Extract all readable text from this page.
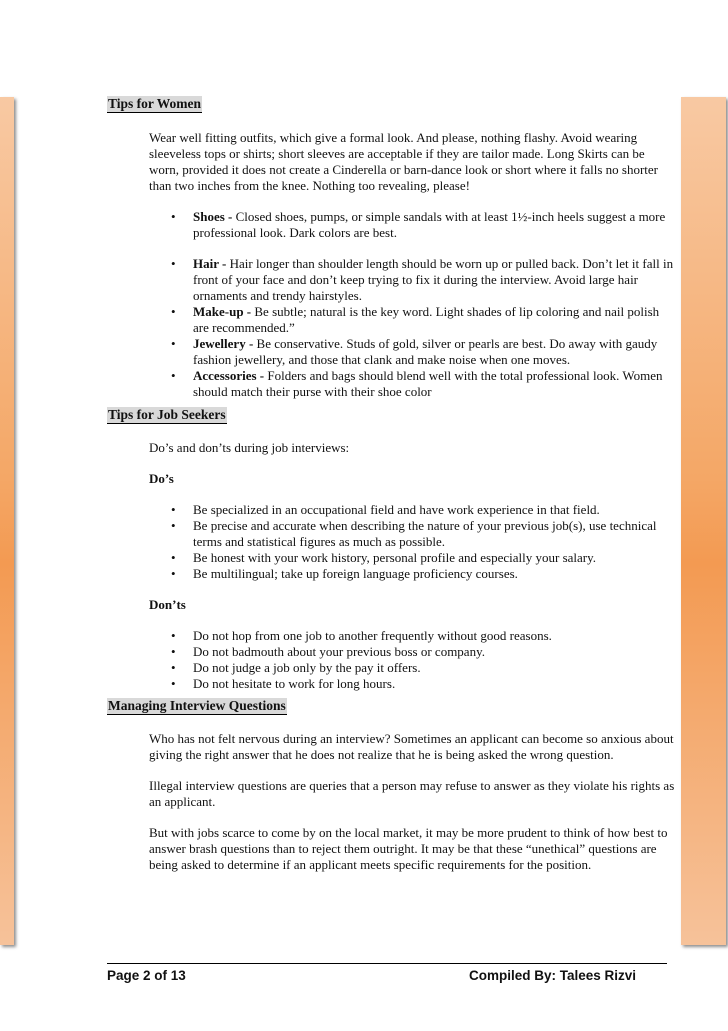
Tips for Women
Wear well fitting outfits, which give a formal look. And please, nothing flashy. Avoid wearing sleeveless tops or shirts; short sleeves are acceptable if they are tailor made. Long Skirts can be worn, provided it does not create a Cinderella or barn-dance look or short where it falls no shorter than two inches from the knee. Nothing too revealing, please!
• Shoes - Closed shoes, pumps, or simple sandals with at least 1½-inch heels suggest a more professional look. Dark colors are best.
• Hair - Hair longer than shoulder length should be worn up or pulled back. Don’t let it fall in front of your face and don’t keep trying to fix it during the interview. Avoid large hair ornaments and trendy hairstyles.
• Make-up - Be subtle; natural is the key word. Light shades of lip coloring and nail polish are recommended.”
• Jewellery - Be conservative. Studs of gold, silver or pearls are best. Do away with gaudy fashion jewellery, and those that clank and make noise when one moves.
• Accessories - Folders and bags should blend well with the total professional look. Women should match their purse with their shoe color
Tips for Job Seekers
Do’s and don’ts during job interviews:
Do’s
• Be specialized in an occupational field and have work experience in that field.
• Be precise and accurate when describing the nature of your previous job(s), use technical terms and statistical figures as much as possible.
• Be honest with your work history, personal profile and especially your salary.
• Be multilingual; take up foreign language proficiency courses.
Don’ts
• Do not hop from one job to another frequently without good reasons.
• Do not badmouth about your previous boss or company.
• Do not judge a job only by the pay it offers.
• Do not hesitate to work for long hours.
Managing Interview Questions
Who has not felt nervous during an interview? Sometimes an applicant can become so anxious about giving the right answer that he does not realize that he is being asked the wrong question.
Illegal interview questions are queries that a person may refuse to answer as they violate his rights as an applicant.
But with jobs scarce to come by on the local market, it may be more prudent to think of how best to answer brash questions than to reject them outright. It may be that these “unethical” questions are being asked to determine if an applicant meets specific requirements for the position.
Page 2 of 13	Compiled By: Talees Rizvi
